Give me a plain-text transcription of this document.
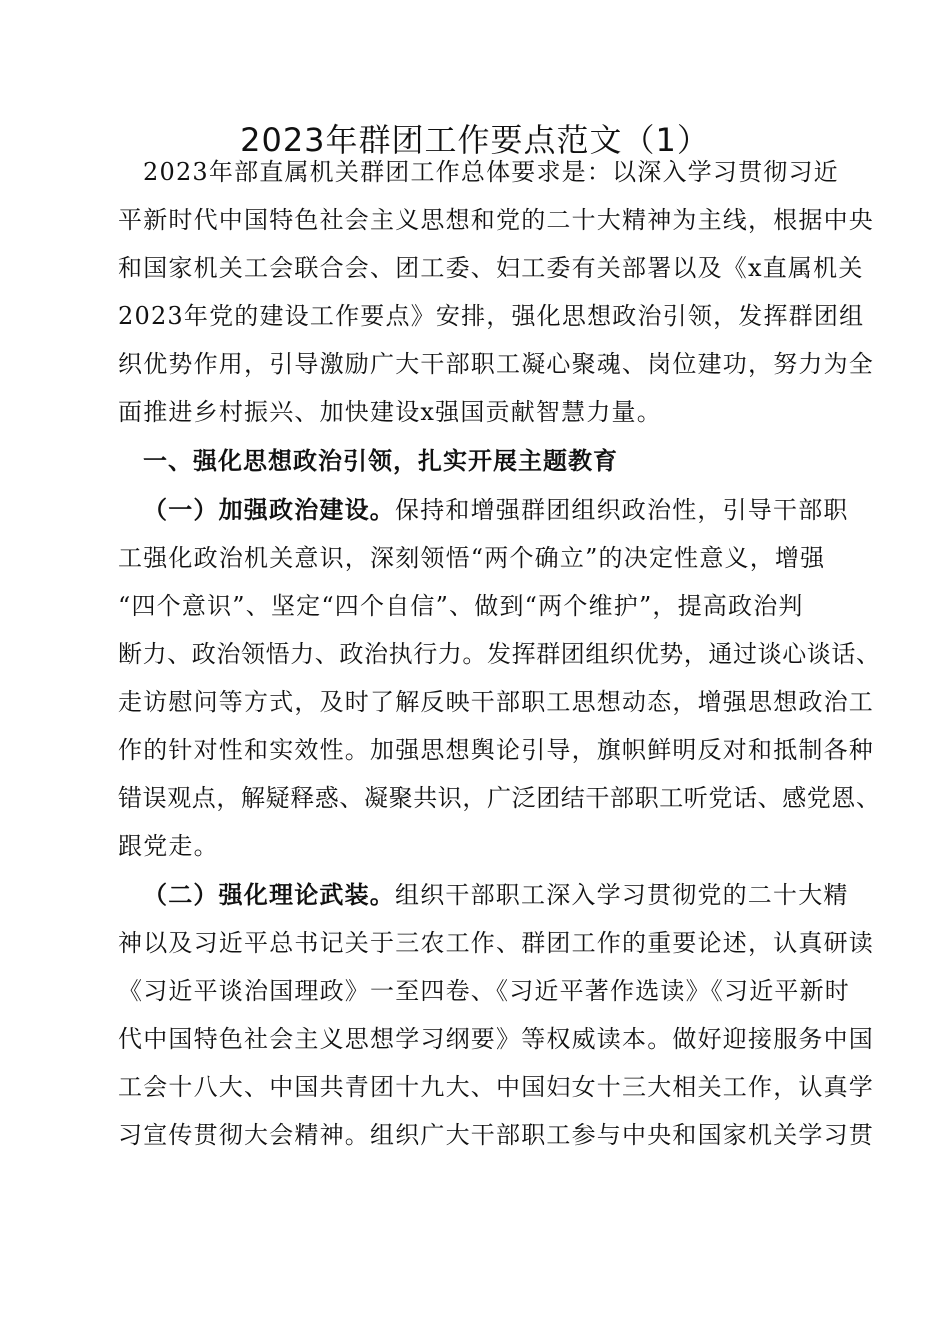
2023年群团工作要点范文（1）
2023年部直属机关群团工作总体要求是：以深入学习贯彻习近
平新时代中国特色社会主义思想和党的二十大精神为主线，根据中央
和国家机关工会联合会、团工委、妇工委有关部署以及《x直属机关
2023年党的建设工作要点》安排，强化思想政治引领，发挥群团组
织优势作用，引导激励广大干部职工凝心聚魂、岗位建功，努力为全
面推进乡村振兴、加快建设x强国贡献智慧力量。
一、强化思想政治引领，扎实开展主题教育
（一）加强政治建设。保持和增强群团组织政治性，引导干部职
工强化政治机关意识，深刻领悟“两个确立”的决定性意义，增强
“四个意识”、坚定“四个自信”、做到“两个维护”，提高政治判
断力、政治领悟力、政治执行力。发挥群团组织优势，通过谈心谈话、
走访慰问等方式，及时了解反映干部职工思想动态，增强思想政治工
作的针对性和实效性。加强思想舆论引导，旗帜鲜明反对和抵制各种
错误观点，解疑释惑、凝聚共识，广泛团结干部职工听党话、感党恩、
跟党走。
（二）强化理论武装。组织干部职工深入学习贯彻党的二十大精
神以及习近平总书记关于三农工作、群团工作的重要论述，认真研读
《习近平谈治国理政》一至四卷、《习近平著作选读》《习近平新时
代中国特色社会主义思想学习纲要》等权威读本。做好迎接服务中国
工会十八大、中国共青团十九大、中国妇女十三大相关工作，认真学
习宣传贯彻大会精神。组织广大干部职工参与中央和国家机关学习贯
